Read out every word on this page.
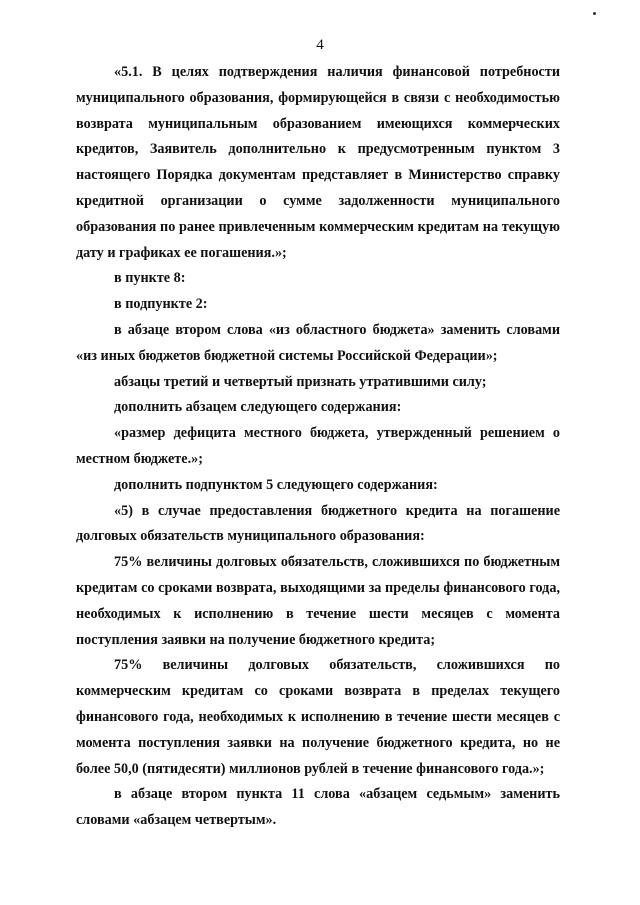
4

«5.1. В целях подтверждения наличия финансовой потребности муниципального образования, формирующейся в связи с необходимостью возврата муниципальным образованием имеющихся коммерческих кредитов, Заявитель дополнительно к предусмотренным пунктом 3 настоящего Порядка документам представляет в Министерство справку кредитной организации о сумме задолженности муниципального образования по ранее привлеченным коммерческим кредитам на текущую дату и графиках ее погашения.»;

в пункте 8:

в подпункте 2:

в абзаце втором слова «из областного бюджета» заменить словами «из иных бюджетов бюджетной системы Российской Федерации»;

абзацы третий и четвертый признать утратившими силу;

дополнить абзацем следующего содержания:

«размер дефицита местного бюджета, утвержденный решением о местном бюджете.»;

дополнить подпунктом 5 следующего содержания:

«5) в случае предоставления бюджетного кредита на погашение долговых обязательств муниципального образования:

75% величины долговых обязательств, сложившихся по бюджетным кредитам со сроками возврата, выходящими за пределы финансового года, необходимых к исполнению в течение шести месяцев с момента поступления заявки на получение бюджетного кредита;

75% величины долговых обязательств, сложившихся по коммерческим кредитам со сроками возврата в пределах текущего финансового года, необходимых к исполнению в течение шести месяцев с момента поступления заявки на получение бюджетного кредита, но не более 50,0 (пятидесяти) миллионов рублей в течение финансового года.»;

в абзаце втором пункта 11 слова «абзацем седьмым» заменить словами «абзацем четвертым».
